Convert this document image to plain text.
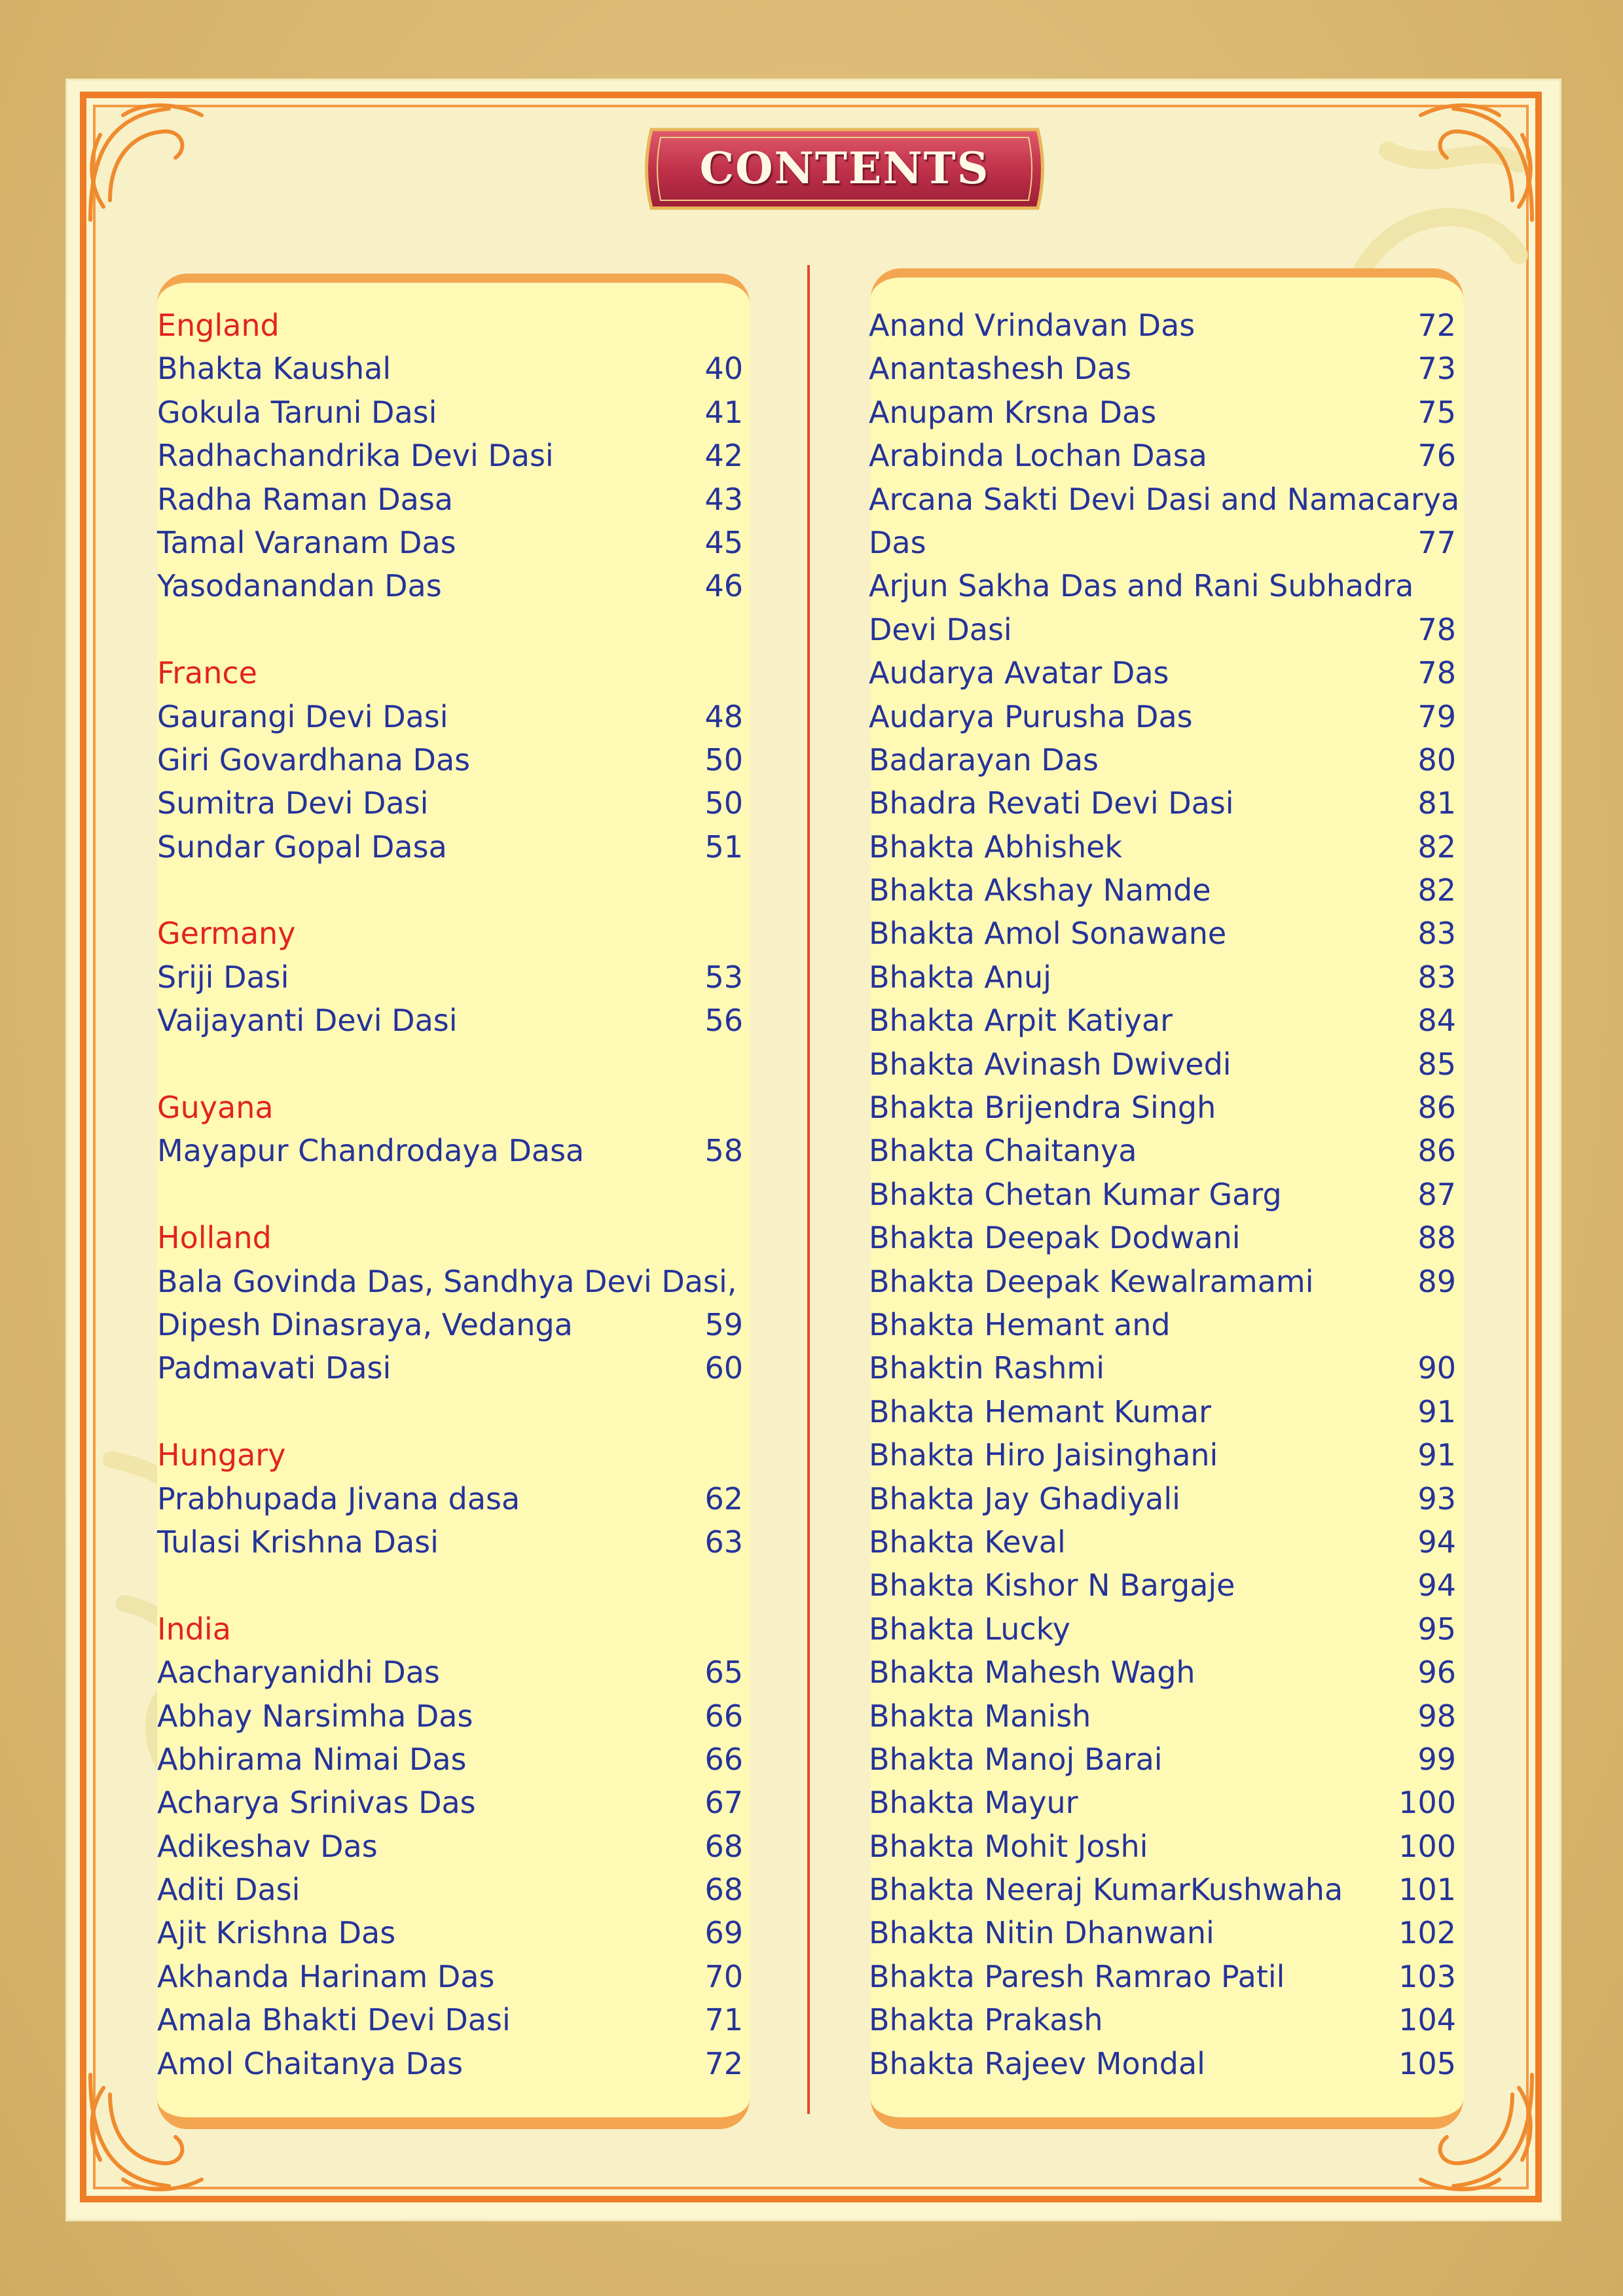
CONTENTS
England
Bhakta Kaushal	40
Gokula Taruni Dasi	41
Radhachandrika Devi Dasi	42
Radha Raman Dasa	43
Tamal Varanam Das	45
Yasodanandan Das	46
France
Gaurangi Devi Dasi	48
Giri Govardhana Das	50
Sumitra Devi Dasi	50
Sundar Gopal Dasa	51
Germany
Sriji Dasi	53
Vaijayanti Devi Dasi	56
Guyana
Mayapur Chandrodaya Dasa	58
Holland
Bala Govinda Das, Sandhya Devi Dasi,
Dipesh Dinasraya, Vedanga	59
Padmavati Dasi	60
Hungary
Prabhupada Jivana dasa	62
Tulasi Krishna Dasi	63
India
Aacharyanidhi Das	65
Abhay Narsimha Das	66
Abhirama Nimai Das	66
Acharya Srinivas Das	67
Adikeshav Das	68
Aditi Dasi	68
Ajit Krishna Das	69
Akhanda Harinam Das	70
Amala Bhakti Devi Dasi	71
Amol Chaitanya Das	72
Anand Vrindavan Das	72
Anantashesh Das	73
Anupam Krsna Das	75
Arabinda Lochan Dasa	76
Arcana Sakti Devi Dasi and Namacarya
Das	77
Arjun Sakha Das and Rani Subhadra
Devi Dasi	78
Audarya Avatar Das	78
Audarya Purusha Das	79
Badarayan Das	80
Bhadra Revati Devi Dasi	81
Bhakta Abhishek	82
Bhakta Akshay Namde	82
Bhakta Amol Sonawane	83
Bhakta Anuj	83
Bhakta Arpit Katiyar	84
Bhakta Avinash Dwivedi	85
Bhakta Brijendra Singh	86
Bhakta Chaitanya	86
Bhakta Chetan Kumar Garg	87
Bhakta Deepak Dodwani	88
Bhakta Deepak Kewalramami	89
Bhakta Hemant and
Bhaktin Rashmi	90
Bhakta Hemant Kumar	91
Bhakta Hiro Jaisinghani	91
Bhakta Jay Ghadiyali	93
Bhakta Keval	94
Bhakta Kishor N Bargaje	94
Bhakta Lucky	95
Bhakta Mahesh Wagh	96
Bhakta Manish	98
Bhakta Manoj Barai	99
Bhakta Mayur	100
Bhakta Mohit Joshi	100
Bhakta Neeraj KumarKushwaha 101
Bhakta Nitin Dhanwani	102
Bhakta Paresh Ramrao Patil	103
Bhakta Prakash	104
Bhakta Rajeev Mondal	105
